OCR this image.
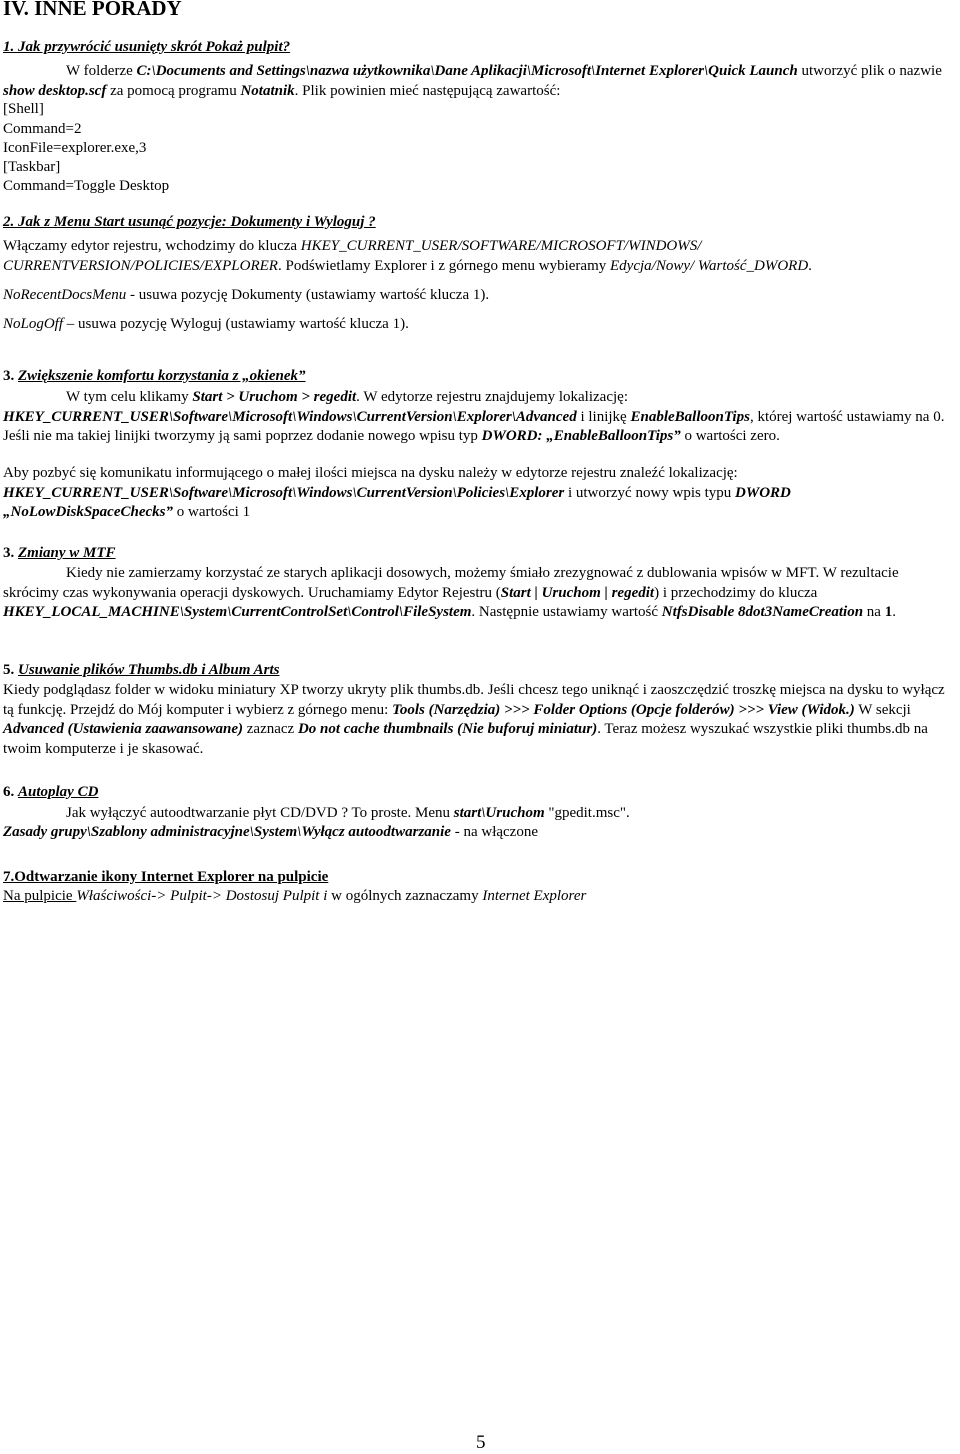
IV. INNE PORADY

1. Jak przywrócić usunięty skrót Pokaż pulpit?

W folderze C:\Documents and Settings\nazwa użytkownika\Dane Aplikacji\Microsoft\Internet Explorer\Quick Launch utworzyć plik o nazwie show desktop.scf za pomocą programu Notatnik. Plik powinien mieć następującą zawartość:

[Shell]

Command=2

IconFile=explorer.exe,3

[Taskbar]

Command=Toggle Desktop

2. Jak z Menu Start usunąć pozycje: Dokumenty i Wyloguj ?

Włączamy edytor rejestru, wchodzimy do klucza HKEY_CURRENT_USER/SOFTWARE/MICROSOFT/WINDOWS/ CURRENTVERSION/POLICIES/EXPLORER. Podświetlamy Explorer i z górnego menu wybieramy Edycja/Nowy/ Wartość_DWORD.

NoRecentDocsMenu - usuwa pozycję Dokumenty (ustawiamy wartość klucza 1).

NoLogOff – usuwa pozycję Wyloguj (ustawiamy wartość klucza 1).

3. Zwiększenie komfortu korzystania z „okienek”

W tym celu klikamy Start > Uruchom > regedit. W edytorze rejestru znajdujemy lokalizację: HKEY_CURRENT_USER\Software\Microsoft\Windows\CurrentVersion\Explorer\Advanced i linijkę EnableBalloonTips, której wartość ustawiamy na 0. Jeśli nie ma takiej linijki tworzymy ją sami poprzez dodanie nowego wpisu typ DWORD: „EnableBalloonTips” o wartości zero.

Aby pozbyć się komunikatu informującego o małej ilości miejsca na dysku należy w edytorze rejestru znaleźć lokalizację: HKEY_CURRENT_USER\Software\Microsoft\Windows\CurrentVersion\Policies\Explorer i utworzyć nowy wpis typu DWORD „NoLowDiskSpaceChecks” o wartości 1

3. Zmiany w MTF

Kiedy nie zamierzamy korzystać ze starych aplikacji dosowych, możemy śmiało zrezygnować z dublowania wpisów w MFT. W rezultacie skrócimy czas wykonywania operacji dyskowych. Uruchamiamy Edytor Rejestru (Start | Uruchom | regedit) i przechodzimy do klucza HKEY_LOCAL_MACHINE\System\CurrentControlSet\Control\FileSystem. Następnie ustawiamy wartość NtfsDisable 8dot3NameCreation na 1.

5. Usuwanie plików Thumbs.db i Album Arts

Kiedy podglądasz folder w widoku miniatury XP tworzy ukryty plik thumbs.db. Jeśli chcesz tego uniknąć i zaoszczędzić troszkę miejsca na dysku to wyłącz tą funkcję. Przejdź do Mój komputer i wybierz z górnego menu: Tools (Narzędzia) >>> Folder Options (Opcje folderów) >>> View (Widok.) W sekcji Advanced (Ustawienia zaawansowane) zaznacz Do not cache thumbnails (Nie buforuj miniatur). Teraz możesz wyszukać wszystkie pliki thumbs.db na twoim komputerze i je skasować.

6. Autoplay CD

Jak wyłączyć autoodtwarzanie płyt CD/DVD ? To proste. Menu start\Uruchom "gpedit.msc".

Zasady grupy\Szablony administracyjne\System\Wyłącz autoodtwarzanie - na włączone

7.Odtwarzanie ikony Internet Explorer na pulpicie

Na pulpicie Właściwości-> Pulpit-> Dostosuj Pulpit i w ogólnych zaznaczamy Internet Explorer

5
